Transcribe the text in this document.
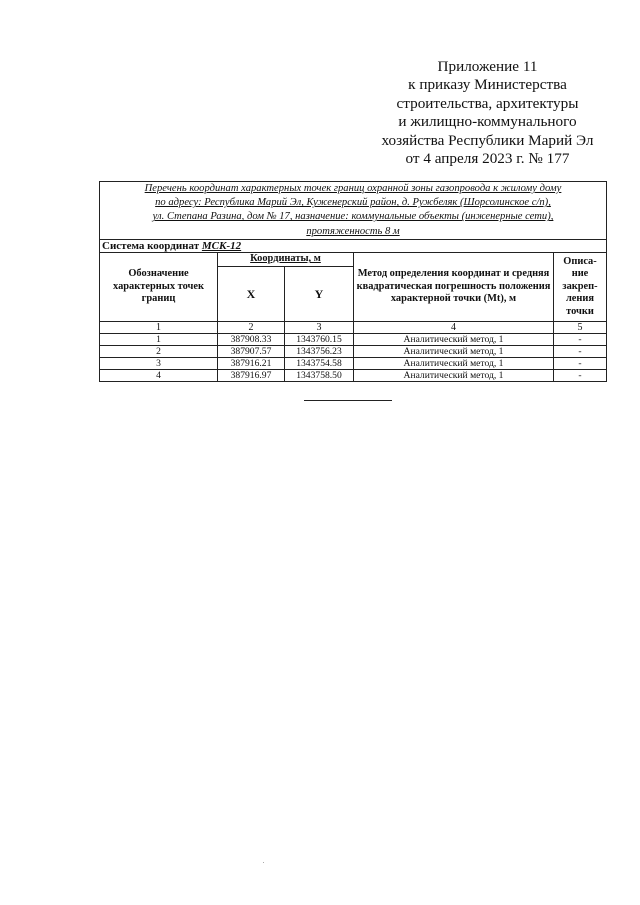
Приложение 11
к приказу Министерства
строительства, архитектуры
и жилищно-коммунального
хозяйства Республики Марий Эл
от 4 апреля 2023 г. № 177
Перечень координат характерных точек границ охранной зоны газопровода к жилому дому
по адресу: Республика Марий Эл, Куженерский район, д. Ружбеляк (Шорсолинское с/п),
ул. Степана Разина, дом № 17, назначение: коммунальные объекты (инженерные сети),
протяженность 8 м				

Система координат МСК-12				
Обозначение характерных точек границ	Координаты, м		Метод определения координат и средняя квадратическая погрешность положения характерной точки (Mt), м	Описа-ние закреп-ления точки
	X	Y		
1	2	3	4	5
1	387908.33	1343760.15	Аналитический метод, 1	-
2	387907.57	1343756.23	Аналитический метод, 1	-
3	387916.21	1343754.58	Аналитический метод, 1	-
4	387916.97	1343758.50	Аналитический метод, 1	-
